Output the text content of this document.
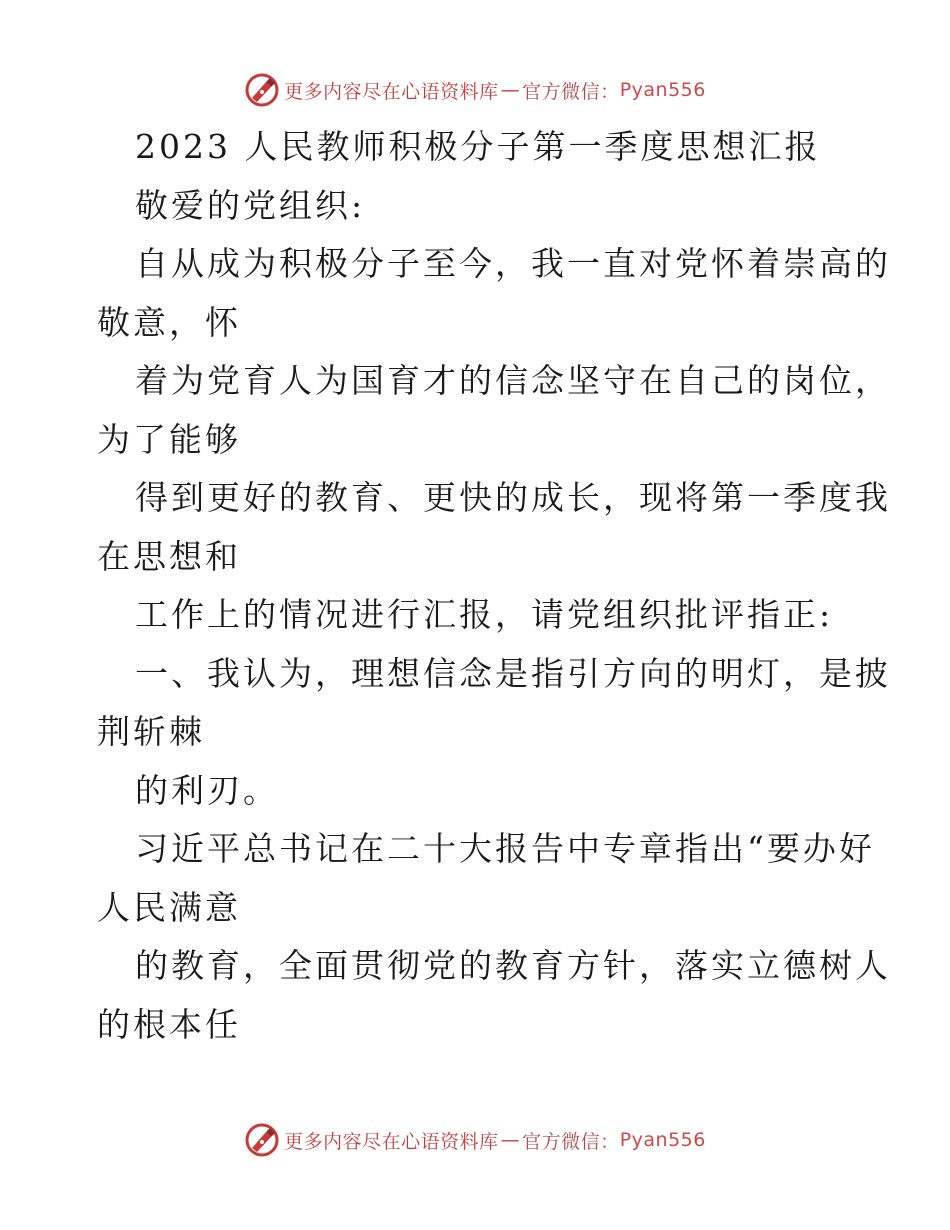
更多内容尽在心语资料库 — 官方微信： Pyan556
2023 人民教师积极分子第一季度思想汇报
敬爱的党组织:
自从成为积极分子至今，我一直对党怀着崇高的
敬意，怀
着为党育人为国育才的信念坚守在自己的岗位，
为了能够
得到更好的教育、更快的成长，现将第一季度我
在思想和
工作上的情况进行汇报，请党组织批评指正:
一、我认为，理想信念是指引方向的明灯，是披
荆斩棘
的利刃。
习近平总书记在二十大报告中专章指出“要办好
人民满意
的教育，全面贯彻党的教育方针，落实立德树人
的根本任
更多内容尽在心语资料库 — 官方微信： Pyan556
